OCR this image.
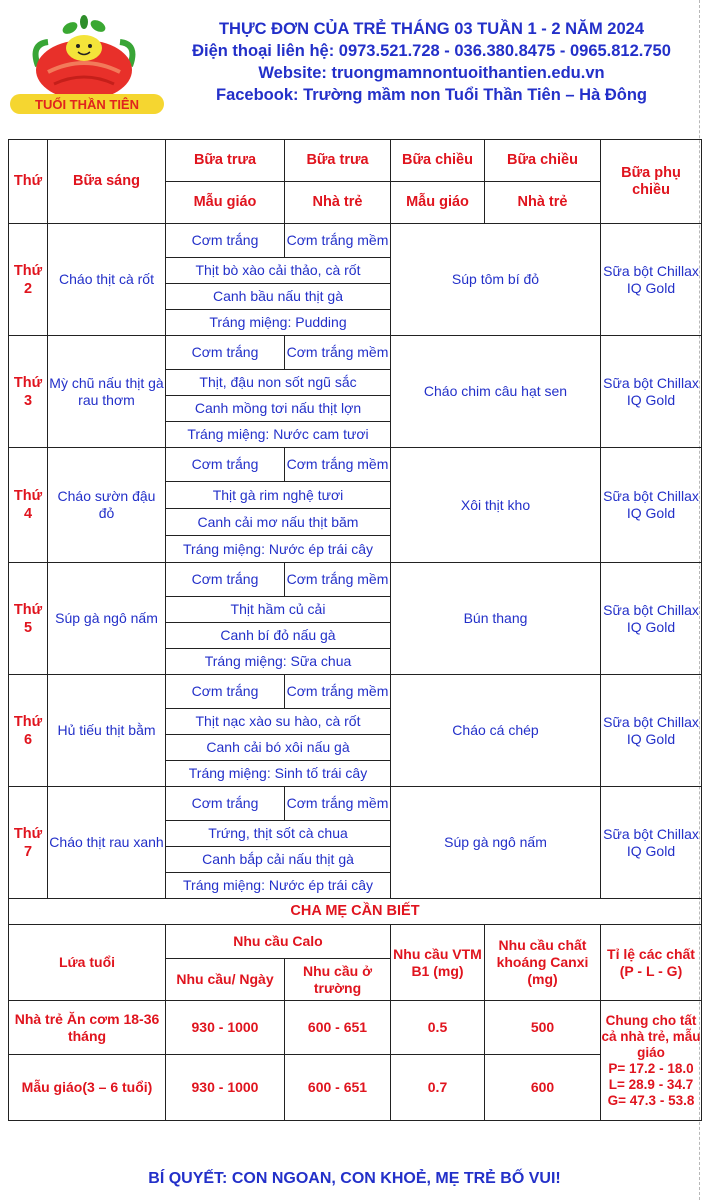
TUỔI THẦN TIÊN
THỰC ĐƠN CỦA TRẺ THÁNG 03 TUẦN 1 - 2 NĂM 2024
Điện thoại liên hệ: 0973.521.728 - 036.380.8475 - 0965.812.750
Website: truongmamnontuoithantien.edu.vn
Facebook: Trường mầm non Tuổi Thần Tiên – Hà Đông
Thứ	Bữa sáng	Bữa trưa	Bữa trưa	Bữa chiều	Bữa chiều	Bữa phụ chiều
		Mẫu giáo	Nhà trẻ	Mẫu giáo	Nhà trẻ	
Thứ 2	Cháo thịt cà rốt	Cơm trắng	Cơm trắng mềm	Súp tôm bí đỏ		Sữa bột Chillax IQ Gold
		Thịt bò xào cải thảo, cà rốt				
		Canh bầu nấu thịt gà				
		Tráng miệng: Pudding				
Thứ 3	Mỳ chũ nấu thịt gà rau thơm	Cơm trắng	Cơm trắng mềm	Cháo chim câu hạt sen		Sữa bột Chillax IQ Gold
		Thịt, đậu non sốt ngũ sắc				
		Canh mồng tơi nấu thịt lợn				
		Tráng miệng: Nước cam tươi				
Thứ 4	Cháo sườn đậu đỏ	Cơm trắng	Cơm trắng mềm	Xôi thịt kho		Sữa bột Chillax IQ Gold
		Thịt gà rim nghệ tươi				
		Canh cải mơ nấu thịt băm				
		Tráng miệng: Nước ép trái cây				
Thứ 5	Súp gà ngô nấm	Cơm trắng	Cơm trắng mềm	Bún thang		Sữa bột Chillax IQ Gold
		Thịt hầm củ cải				
		Canh bí đỏ nấu gà				
		Tráng miệng: Sữa chua				
Thứ 6	Hủ tiếu thịt bằm	Cơm trắng	Cơm trắng mềm	Cháo cá chép		Sữa bột Chillax IQ Gold
		Thịt nạc xào su hào, cà rốt				
		Canh cải bó xôi nấu gà				
		Tráng miệng: Sinh tố trái cây				
Thứ 7	Cháo thịt rau xanh	Cơm trắng	Cơm trắng mềm	Súp gà ngô nấm		Sữa bột Chillax IQ Gold
		Trứng, thịt sốt cà chua				
		Canh bắp cải nấu thịt gà				
		Tráng miệng: Nước ép trái cây				
CHA MẸ CẦN BIẾT						
Lứa tuổi		Nhu cầu Calo		Nhu cầu VTM B1 (mg)	Nhu cầu chất khoáng Canxi (mg)	Tỉ lệ các chất (P - L - G)
		Nhu cầu/ Ngày	Nhu cầu ở trường			
Nhà trẻ Ăn cơm 18-36 tháng		930 - 1000	600 - 651	0.5	500	Chung cho tất cả nhà trẻ, mẫu giáo
P= 17.2 - 18.0
L= 28.9 - 34.7
G= 47.3 - 53.8

Mẫu giáo(3 – 6 tuổi)		930 - 1000	600 - 651	0.7	600	
BÍ QUYẾT: CON NGOAN, CON KHOẺ, MẸ TRẺ BỐ VUI!
